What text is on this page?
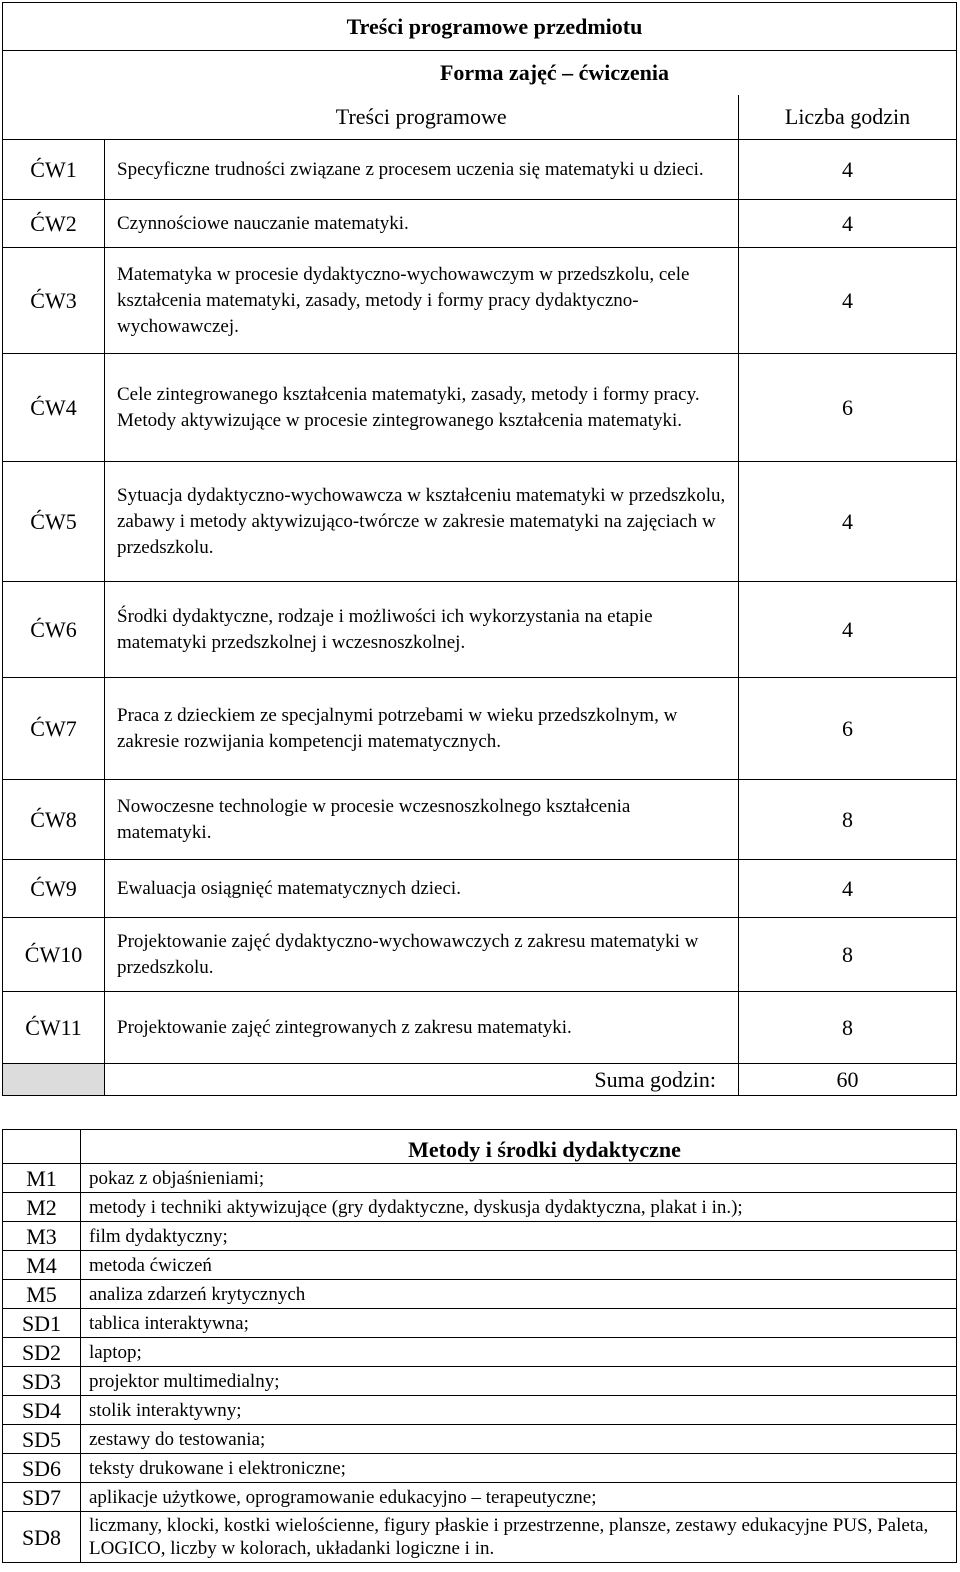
Treści programowe przedmiotu		
Forma zajęć – ćwiczenia		
	Treści programowe	Liczba godzin
ĆW1	Specyficzne trudności związane z procesem uczenia się matematyki u dzieci.	4
ĆW2	Czynnościowe nauczanie matematyki.	4
ĆW3	Matematyka w procesie dydaktyczno-wychowawczym w przedszkolu, cele kształcenia matematyki, zasady, metody i formy pracy dydaktyczno-wychowawczej.	4
ĆW4	Cele zintegrowanego kształcenia matematyki, zasady, metody i formy pracy. Metody aktywizujące w procesie zintegrowanego kształcenia matematyki.	6
ĆW5	Sytuacja dydaktyczno-wychowawcza w kształceniu matematyki w przedszkolu, zabawy i metody aktywizująco-twórcze w zakresie matematyki na zajęciach w przedszkolu.	4
ĆW6	Środki dydaktyczne, rodzaje i możliwości ich wykorzystania na etapie matematyki przedszkolnej i wczesnoszkolnej.	4
ĆW7	Praca z dzieckiem ze specjalnymi potrzebami w wieku przedszkolnym, w zakresie rozwijania kompetencji matematycznych.	6
ĆW8	Nowoczesne technologie w procesie wczesnoszkolnego kształcenia matematyki.	8
ĆW9	Ewaluacja osiągnięć matematycznych dzieci.	4
ĆW10	Projektowanie zajęć dydaktyczno-wychowawczych z zakresu matematyki w przedszkolu.	8
ĆW11	Projektowanie zajęć zintegrowanych z zakresu matematyki.	8
	Suma godzin:	60
	Metody i środki dydaktyczne
M1	pokaz z objaśnieniami;
M2	metody i techniki aktywizujące (gry dydaktyczne, dyskusja dydaktyczna, plakat i in.);
M3	film dydaktyczny;
M4	metoda ćwiczeń
M5	analiza zdarzeń krytycznych
SD1	tablica interaktywna;
SD2	laptop;
SD3	projektor multimedialny;
SD4	stolik interaktywny;
SD5	zestawy do testowania;
SD6	teksty drukowane i elektroniczne;
SD7	aplikacje użytkowe, oprogramowanie edukacyjno – terapeutyczne;
SD8	liczmany, klocki, kostki wielościenne, figury płaskie i przestrzenne, plansze, zestawy edukacyjne PUS, Paleta, LOGICO, liczby w kolorach, układanki logiczne i in.
